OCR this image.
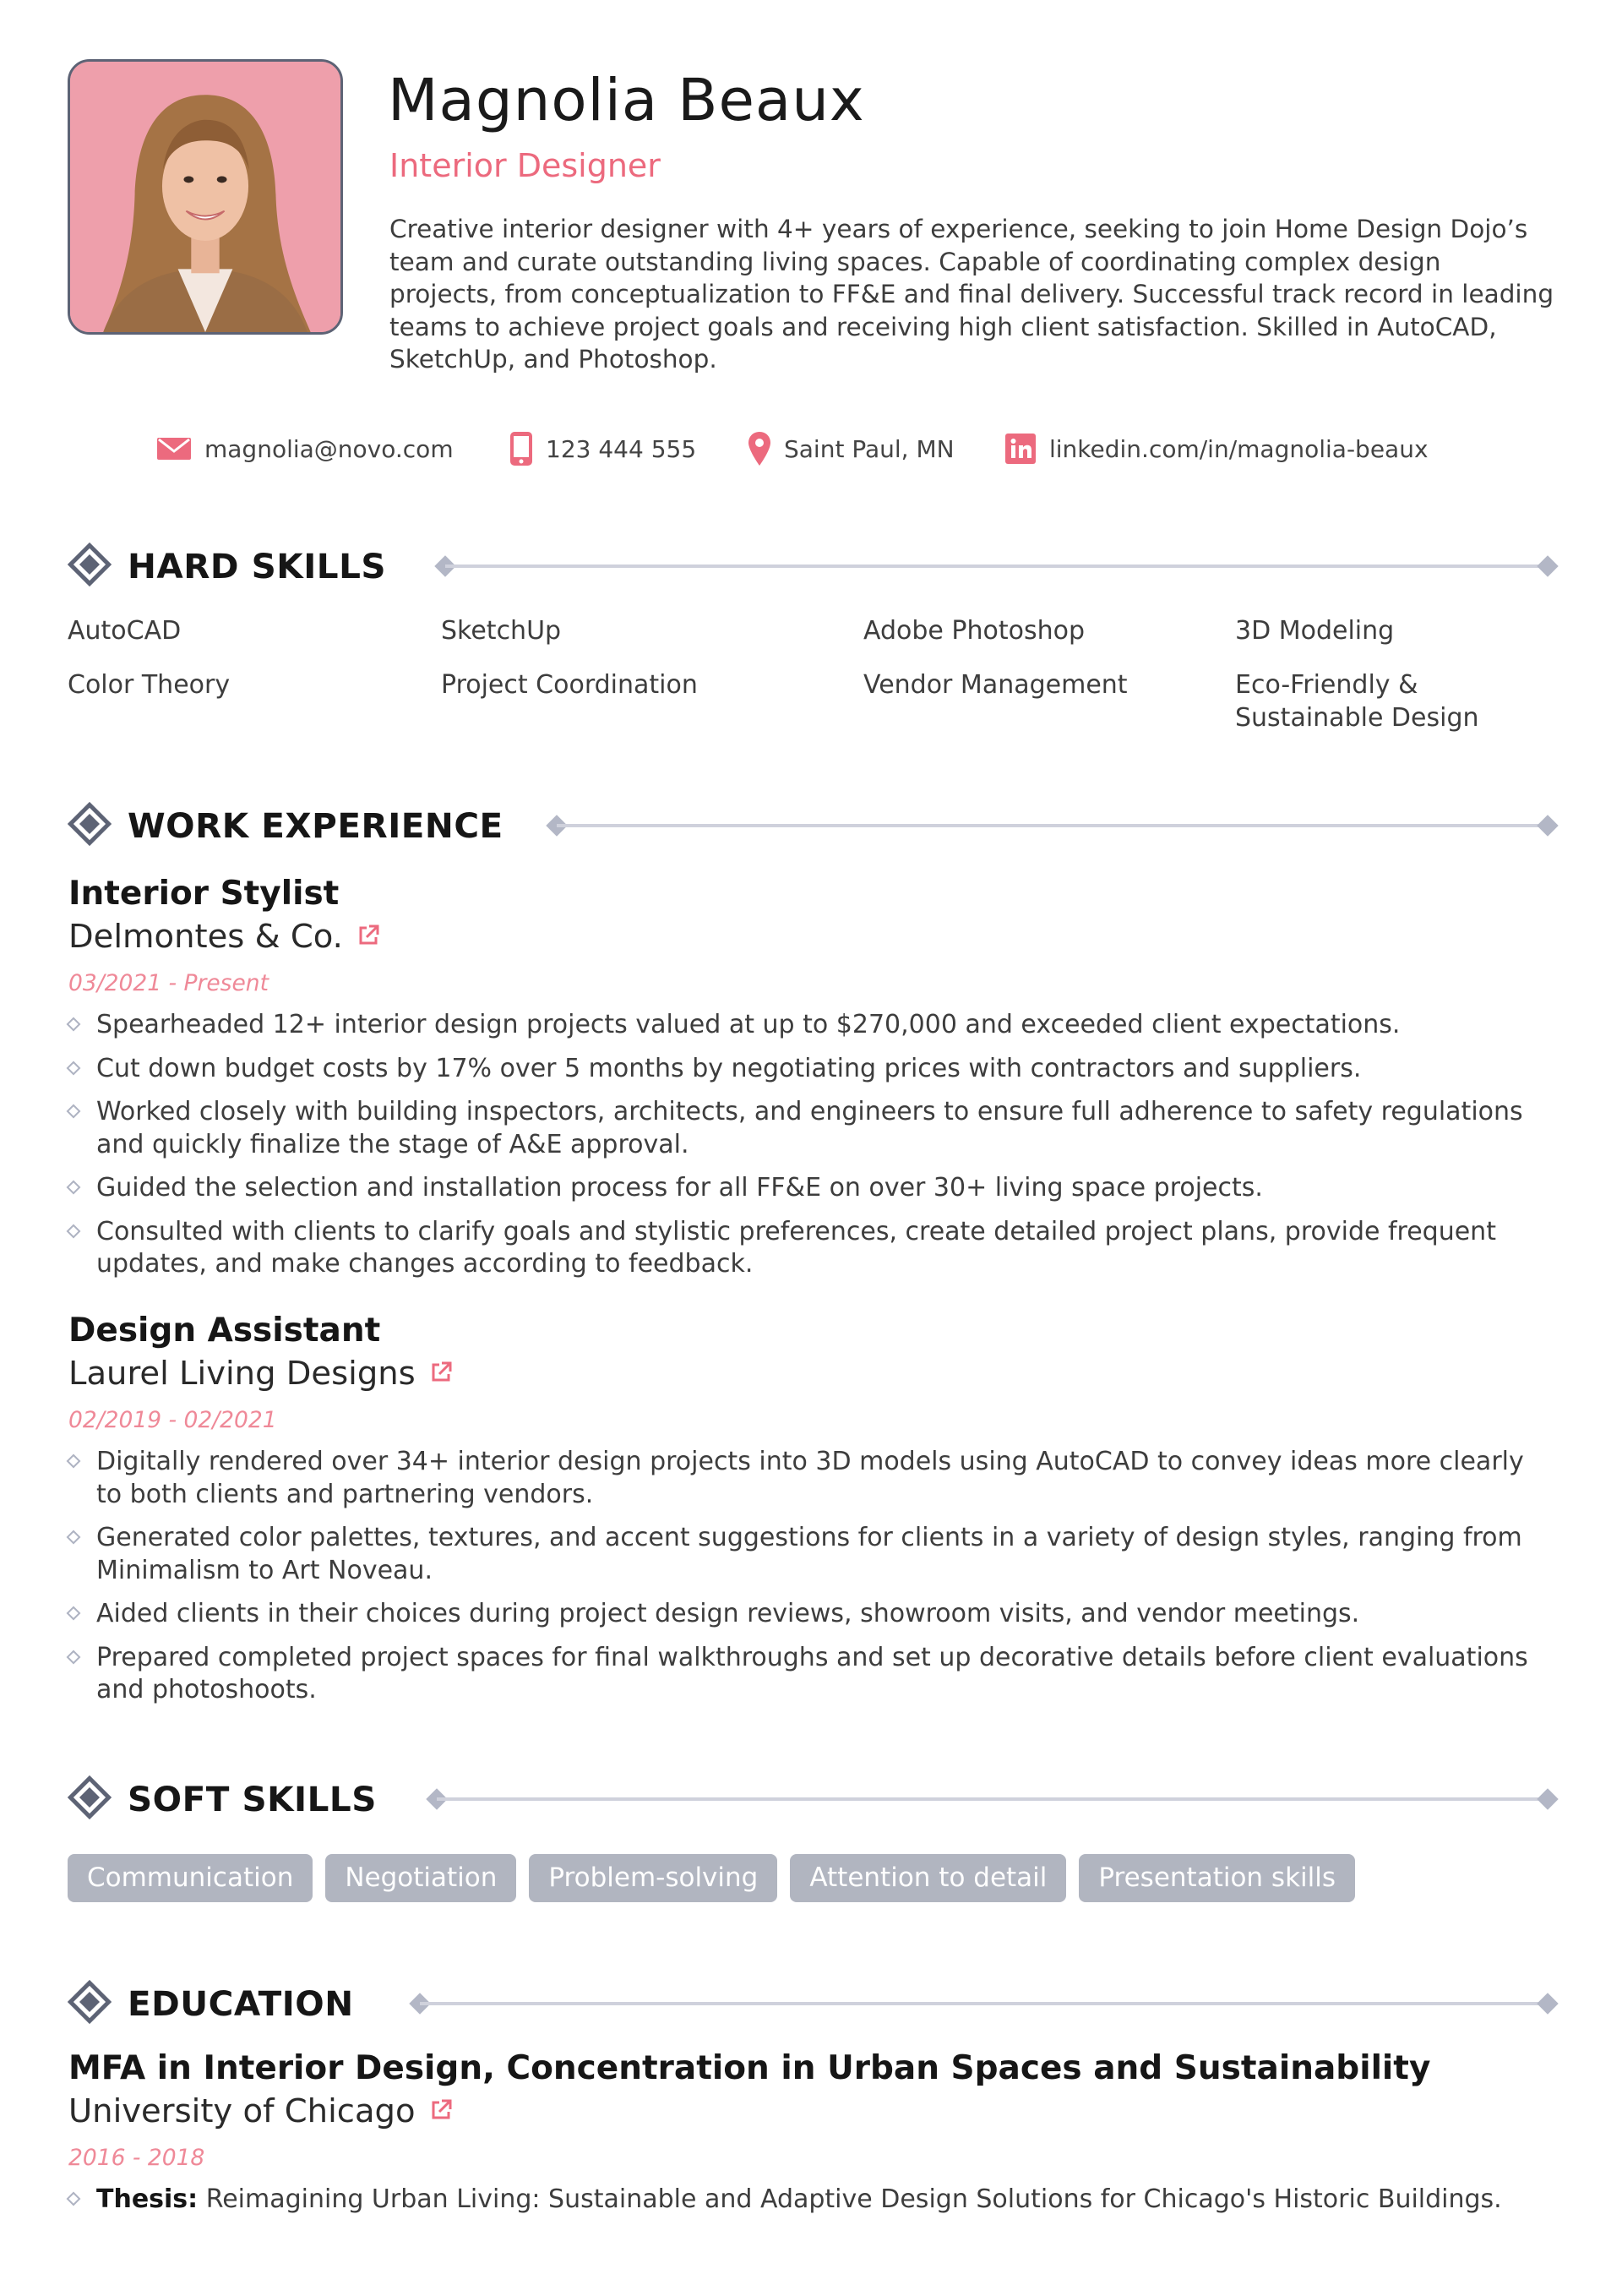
Magnolia Beaux
Interior Designer
Creative interior designer with 4+ years of experience, seeking to join Home Design Dojo’s team and curate outstanding living spaces. Capable of coordinating complex design projects, from conceptualization to FF&E and final delivery. Successful track record in leading teams to achieve project goals and receiving high client satisfaction. Skilled in AutoCAD, SketchUp, and Photoshop.
magnolia@novo.com	123 444 555	Saint Paul, MN	linkedin.com/in/magnolia-beaux
HARD SKILLS
AutoCAD	SketchUp	Adobe Photoshop	3D Modeling
Color Theory	Project Coordination	Vendor Management	Eco-Friendly & Sustainable Design
WORK EXPERIENCE
Interior Stylist
Delmontes & Co.
03/2021 - Present
Spearheaded 12+ interior design projects valued at up to $270,000 and exceeded client expectations.
Cut down budget costs by 17% over 5 months by negotiating prices with contractors and suppliers.
Worked closely with building inspectors, architects, and engineers to ensure full adherence to safety regulations and quickly finalize the stage of A&E approval.
Guided the selection and installation process for all FF&E on over 30+ living space projects.
Consulted with clients to clarify goals and stylistic preferences, create detailed project plans, provide frequent updates, and make changes according to feedback.
Design Assistant
Laurel Living Designs
02/2019 - 02/2021
Digitally rendered over 34+ interior design projects into 3D models using AutoCAD to convey ideas more clearly to both clients and partnering vendors.
Generated color palettes, textures, and accent suggestions for clients in a variety of design styles, ranging from Minimalism to Art Noveau.
Aided clients in their choices during project design reviews, showroom visits, and vendor meetings.
Prepared completed project spaces for final walkthroughs and set up decorative details before client evaluations and photoshoots.
SOFT SKILLS
Communication	Negotiation	Problem-solving	Attention to detail	Presentation skills
EDUCATION
MFA in Interior Design, Concentration in Urban Spaces and Sustainability
University of Chicago
2016 - 2018
Thesis: Reimagining Urban Living: Sustainable and Adaptive Design Solutions for Chicago's Historic Buildings.
